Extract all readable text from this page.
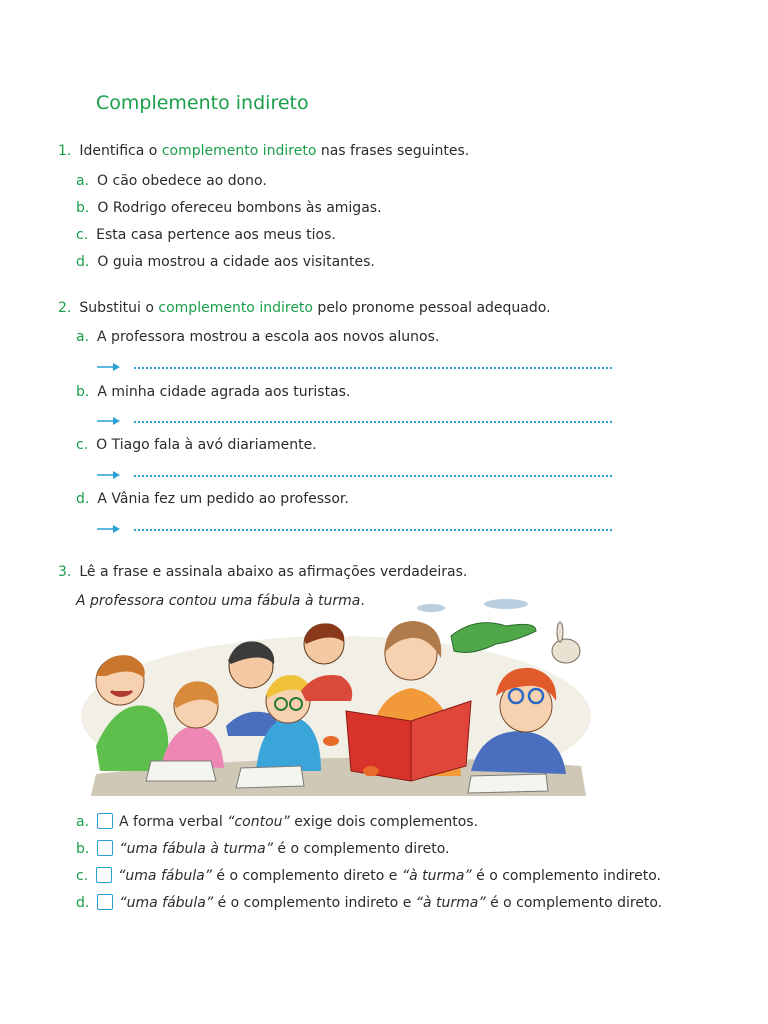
Complemento indireto
1. Identifica o complemento indireto nas frases seguintes.
a. O cão obedece ao dono.
b. O Rodrigo ofereceu bombons às amigas.
c. Esta casa pertence aos meus tios.
d. O guia mostrou a cidade aos visitantes.
2. Substitui o complemento indireto pelo pronome pessoal adequado.
a. A professora mostrou a escola aos novos alunos.
b. A minha cidade agrada aos turistas.
c. O Tiago fala à avó diariamente.
d. A Vânia fez um pedido ao professor.
3. Lê a frase e assinala abaixo as afirmações verdadeiras.
A professora contou uma fábula à turma.
a. A forma verbal “contou” exige dois complementos.
b. “uma fábula à turma” é o complemento direto.
c. “uma fábula” é o complemento direto e “à turma” é o complemento indireto.
d. “uma fábula” é o complemento indireto e “à turma” é o complemento direto.
